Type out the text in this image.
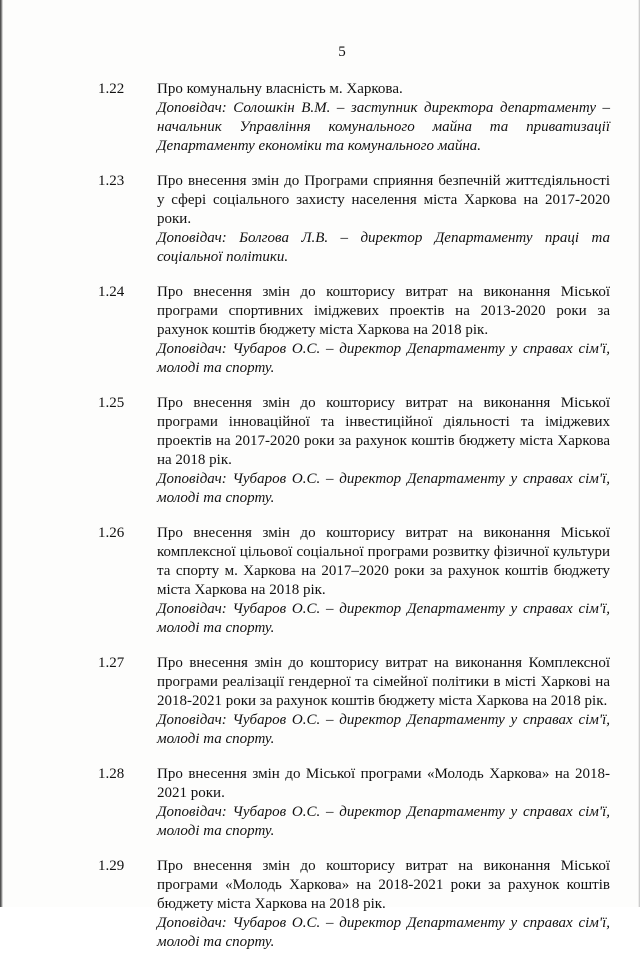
5
1.22 Про комунальну власність м. Харкова.
Доповідач: Солошкін В.М. – заступник директора департаменту – начальник Управління комунального майна та приватизації Департаменту економіки та комунального майна.
1.23 Про внесення змін до Програми сприяння безпечній життєдіяльності у сфері соціального захисту населення міста Харкова на 2017-2020 роки.
Доповідач: Болгова Л.В. – директор Департаменту праці та соціальної політики.
1.24 Про внесення змін до кошторису витрат на виконання Міської програми спортивних іміджевих проектів на 2013-2020 роки за рахунок коштів бюджету міста Харкова на 2018 рік.
Доповідач: Чубаров О.С. – директор Департаменту у справах сім'ї, молоді та спорту.
1.25 Про внесення змін до кошторису витрат на виконання Міської програми інноваційної та інвестиційної діяльності та іміджевих проектів на 2017-2020 роки за рахунок коштів бюджету міста Харкова на 2018 рік.
Доповідач: Чубаров О.С. – директор Департаменту у справах сім'ї, молоді та спорту.
1.26 Про внесення змін до кошторису витрат на виконання Міської комплексної цільової соціальної програми розвитку фізичної культури та спорту м. Харкова на 2017–2020 роки за рахунок коштів бюджету міста Харкова на 2018 рік.
Доповідач: Чубаров О.С. – директор Департаменту у справах сім'ї, молоді та спорту.
1.27 Про внесення змін до кошторису витрат на виконання Комплексної програми реалізації гендерної та сімейної політики в місті Харкові на 2018-2021 роки за рахунок коштів бюджету міста Харкова на 2018 рік.
Доповідач: Чубаров О.С. – директор Департаменту у справах сім'ї, молоді та спорту.
1.28 Про внесення змін до Міської програми «Молодь Харкова» на 2018-2021 роки.
Доповідач: Чубаров О.С. – директор Департаменту у справах сім'ї, молоді та спорту.
1.29 Про внесення змін до кошторису витрат на виконання Міської програми «Молодь Харкова» на 2018-2021 роки за рахунок коштів бюджету міста Харкова на 2018 рік.
Доповідач: Чубаров О.С. – директор Департаменту у справах сім'ї, молоді та спорту.
